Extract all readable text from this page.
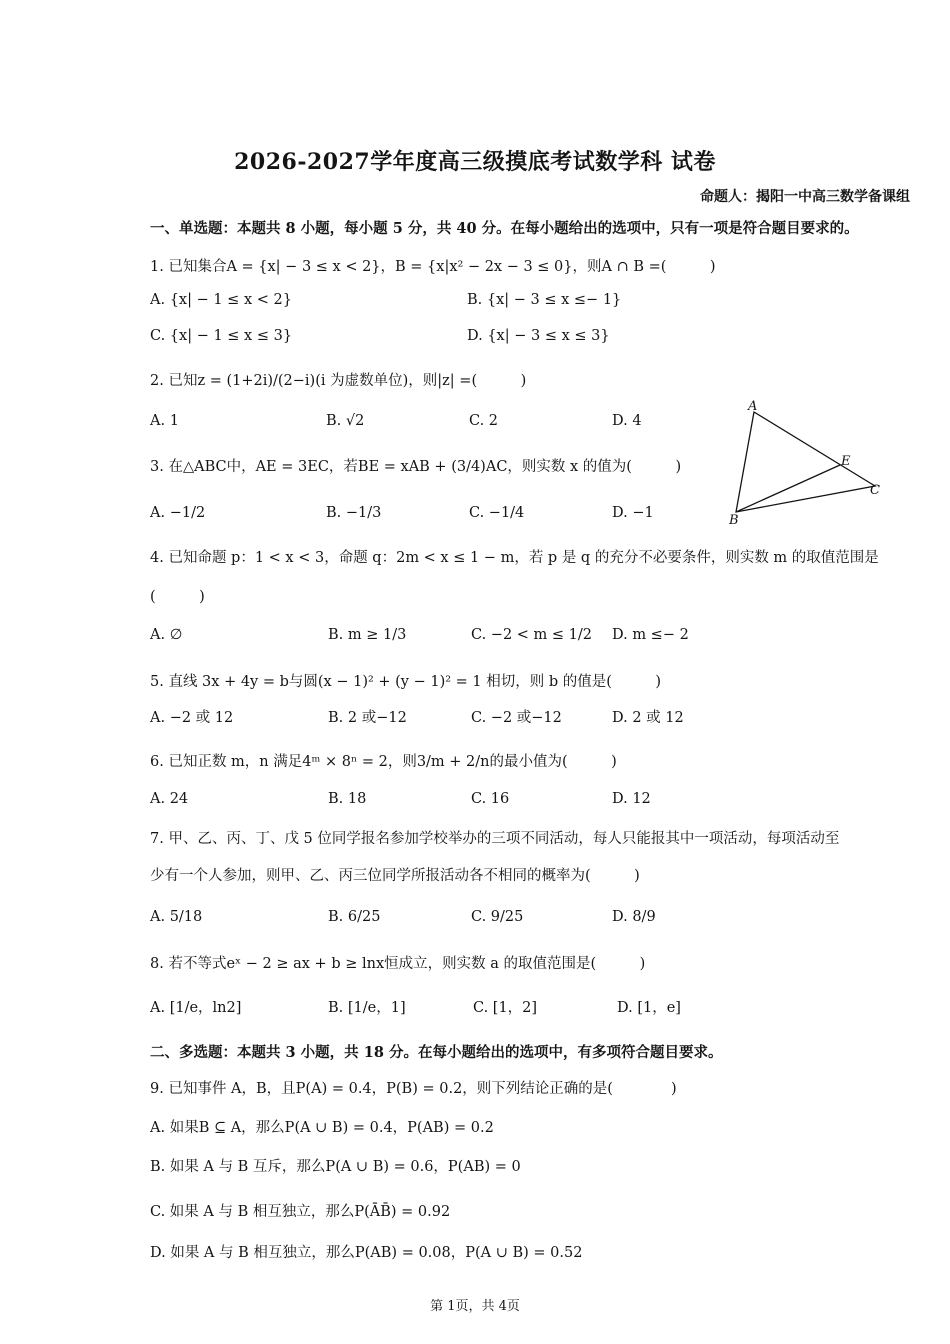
2026-2027学年度高三级摸底考试数学科 试卷
命题人：揭阳一中高三数学备课组
一、单选题：本题共 8 小题，每小题 5 分，共 40 分。在每小题给出的选项中，只有一项是符合题目要求的。
1. 已知集合A = {x| − 3 ≤ x < 2}，B = {x|x² − 2x − 3 ≤ 0}，则A ∩ B =(　　　)
A. {x| − 1 ≤ x < 2}	B. {x| − 3 ≤ x ≤− 1}
C. {x| − 1 ≤ x ≤ 3}	D. {x| − 3 ≤ x ≤ 3}
2. 已知z = (1+2i)/(2−i)(i 为虚数单位)，则|z| =(　　　)
A. 1	B. √2	C. 2	D. 4
A
B
C
E
3. 在△ABC中，AE = 3EC，若BE = xAB + (3/4)AC，则实数 x 的值为(　　　)
A. −1/2	B. −1/3	C. −1/4	D. −1
4. 已知命题 p：1 < x < 3，命题 q：2m < x ≤ 1 − m，若 p 是 q 的充分不必要条件，则实数 m 的取值范围是
(　　　)
A. ∅	B. m ≥ 1/3	C. −2 < m ≤ 1/2 D. m ≤− 2
5. 直线 3x + 4y = b与圆(x − 1)² + (y − 1)² = 1 相切，则 b 的值是(　　　)
A. −2 或 12	B. 2 或−12	C. −2 或−12	D. 2 或 12
6. 已知正数 m，n 满足4ᵐ × 8ⁿ = 2，则3/m + 2/n的最小值为(　　　)
A. 24	B. 18	C. 16	D. 12
7. 甲、乙、丙、丁、戊 5 位同学报名参加学校举办的三项不同活动，每人只能报其中一项活动，每项活动至
少有一个人参加，则甲、乙、丙三位同学所报活动各不相同的概率为(　　　)
A. 5/18	B. 6/25	C. 9/25	D. 8/9
8. 若不等式eˣ − 2 ≥ ax + b ≥ lnx恒成立，则实数 a 的取值范围是(　　　)
A. [1/e，ln2]	B. [1/e，1]	C. [1，2]	D. [1，e]
二、多选题：本题共 3 小题，共 18 分。在每小题给出的选项中，有多项符合题目要求。
9. 已知事件 A，B，且P(A) = 0.4，P(B) = 0.2，则下列结论正确的是(　　　　)
A. 如果B ⊆ A，那么P(A ∪ B) = 0.4，P(AB) = 0.2
B. 如果 A 与 B 互斥，那么P(A ∪ B) = 0.6，P(AB) = 0
C. 如果 A 与 B 相互独立，那么P(ĀB̄) = 0.92
D. 如果 A 与 B 相互独立，那么P(AB) = 0.08，P(A ∪ B) = 0.52
第 1页，共 4页
